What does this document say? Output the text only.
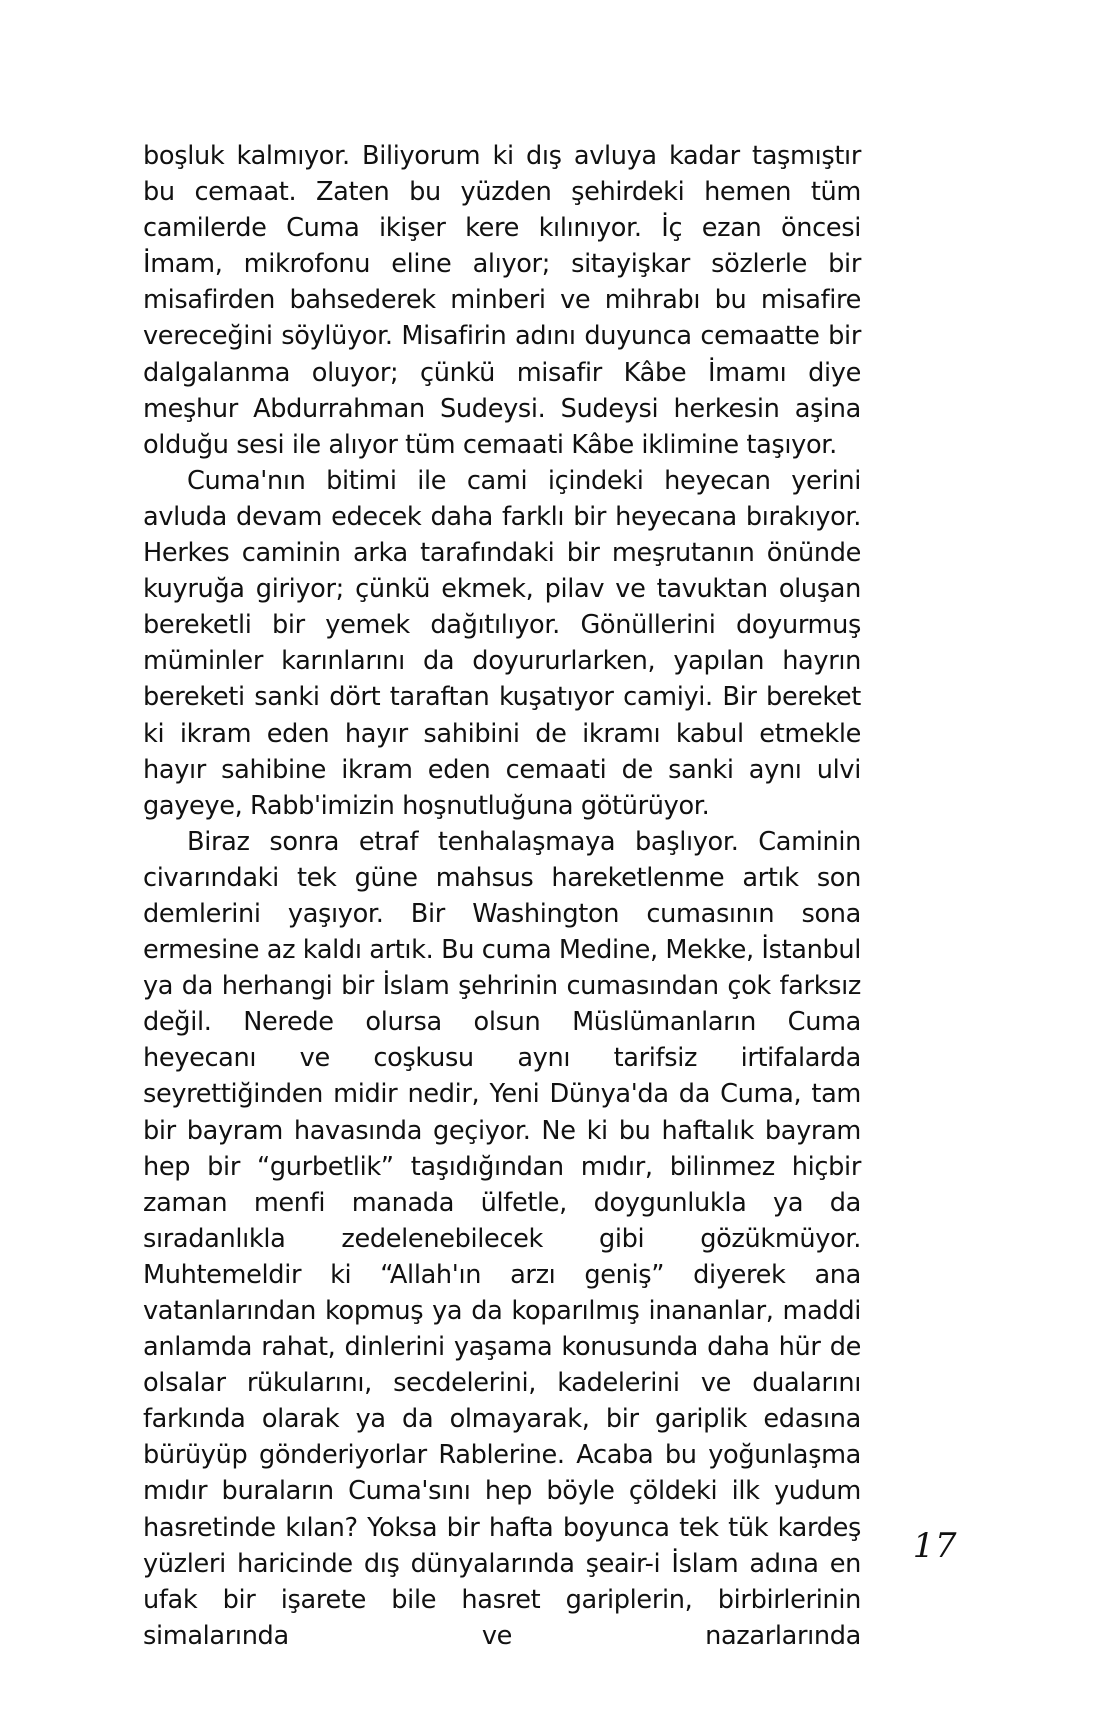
boşluk kalmıyor. Biliyorum ki dış avluya kadar taşmıştır bu cemaat. Zaten bu yüzden şehirdeki hemen tüm camilerde Cuma ikişer kere kılınıyor. İç ezan öncesi İmam, mikrofonu eline alıyor; sitayişkar sözlerle bir misafirden bahsederek minberi ve mihrabı bu misafire vereceğini söylüyor. Misafirin adını duyunca cemaatte bir dalgalanma oluyor; çünkü misafir Kâbe İmamı diye meşhur Abdurrahman Sudeysi. Sudeysi herkesin aşina olduğu sesi ile alıyor tüm cemaati Kâbe iklimine taşıyor.

Cuma'nın bitimi ile cami içindeki heyecan yerini avluda devam edecek daha farklı bir heyecana bırakıyor. Herkes caminin arka tarafındaki bir meşrutanın önünde kuyruğa giriyor; çünkü ekmek, pilav ve tavuktan oluşan bereketli bir yemek dağıtılıyor. Gönüllerini doyurmuş müminler karınlarını da doyururlarken, yapılan hayrın bereketi sanki dört taraftan kuşatıyor camiyi. Bir bereket ki ikram eden hayır sahibini de ikramı kabul etmekle hayır sahibine ikram eden cemaati de sanki aynı ulvi gayeye, Rabb'imizin hoşnutluğuna götürüyor.

Biraz sonra etraf tenhalaşmaya başlıyor. Caminin civarındaki tek güne mahsus hareketlenme artık son demlerini yaşıyor. Bir Washington cumasının sona ermesine az kaldı artık. Bu cuma Medine, Mekke, İstanbul ya da herhangi bir İslam şehrinin cumasından çok farksız değil. Nerede olursa olsun Müslümanların Cuma heyecanı ve coşkusu aynı tarifsiz irtifalarda seyrettiğinden midir nedir, Yeni Dünya'da da Cuma, tam bir bayram havasında geçiyor. Ne ki bu haftalık bayram hep bir “gurbetlik” taşıdığından mıdır, bilinmez hiçbir zaman menfi manada ülfetle, doygunlukla ya da sıradanlıkla zedelenebilecek gibi gözükmüyor. Muhtemeldir ki “Allah'ın arzı geniş” diyerek ana vatanlarından kopmuş ya da koparılmış inananlar, maddi anlamda rahat, dinlerini yaşama konusunda daha hür de olsalar rükularını, secdelerini, kadelerini ve dualarını farkında olarak ya da olmayarak, bir gariplik edasına bürüyüp gönderiyorlar Rablerine. Acaba bu yoğunlaşma mıdır buraların Cuma'sını hep böyle çöldeki ilk yudum hasretinde kılan? Yoksa bir hafta boyunca tek tük kardeş yüzleri haricinde dış dünyalarında şeair-i İslam adına en ufak bir işarete bile hasret gariplerin, birbirlerinin simalarında ve nazarlarında

17
